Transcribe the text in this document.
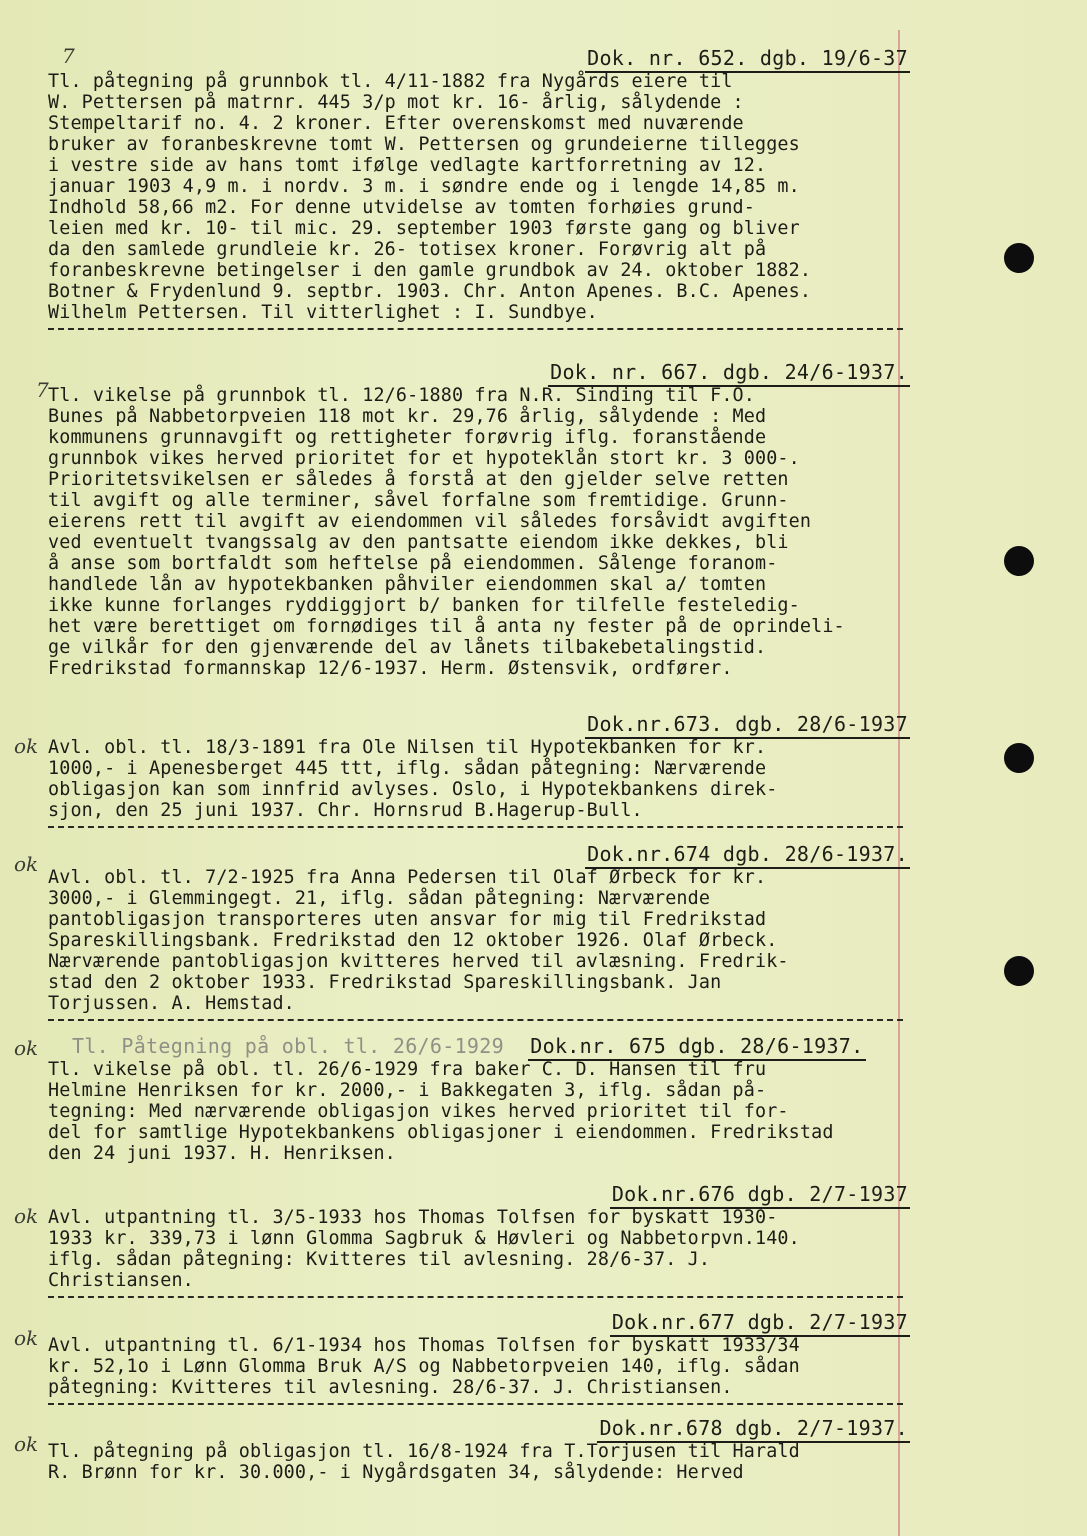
7
7
ok
ok
ok
ok
ok
ok
Dok. nr. 652. dgb. 19/6-37
Tl. påtegning på grunnbok tl. 4/11-1882 fra Nygårds eiere til
W. Pettersen på matrnr. 445 3/p mot kr. 16- årlig, sålydende :
Stempeltarif no. 4. 2 kroner. Efter overenskomst med nuværende
bruker av foranbeskrevne tomt W. Pettersen og grundeierne tillegges
i vestre side av hans tomt ifølge vedlagte kartforretning av 12.
januar 1903 4,9 m. i nordv. 3 m. i søndre ende og i lengde 14,85 m.
Indhold 58,66 m2. For denne utvidelse av tomten forhøies grund-
leien med kr. 10- til mic. 29. september 1903 første gang og bliver
da den samlede grundleie kr. 26- totisex kroner. Forøvrig alt på
foranbeskrevne betingelser i den gamle grundbok av 24. oktober 1882.
Botner & Frydenlund 9. septbr. 1903. Chr. Anton Apenes. B.C. Apenes.
Wilhelm Pettersen. Til vitterlighet : I. Sundbye.
Dok. nr. 667. dgb. 24/6-1937.
Tl. vikelse på grunnbok tl. 12/6-1880 fra N.R. Sinding til F.O.
Bunes på Nabbetorpveien 118 mot kr. 29,76 årlig, sålydende : Med
kommunens grunnavgift og rettigheter forøvrig iflg. foranstående
grunnbok vikes herved prioritet for et hypoteklån stort kr. 3 000-.
Prioritetsvikelsen er således å forstå at den gjelder selve retten
til avgift og alle terminer, såvel forfalne som fremtidige. Grunn-
eierens rett til avgift av eiendommen vil således forsåvidt avgiften
ved eventuelt tvangssalg av den pantsatte eiendom ikke dekkes, bli
å anse som bortfaldt som heftelse på eiendommen. Sålenge foranom-
handlede lån av hypotekbanken påhviler eiendommen skal a/ tomten
ikke kunne forlanges ryddiggjort b/ banken for tilfelle festeledig-
het være berettiget om fornødiges til å anta ny fester på de oprindeli-
ge vilkår for den gjenværende del av lånets tilbakebetalingstid.
Fredrikstad formannskap 12/6-1937. Herm. Østensvik, ordfører.
Dok.nr.673. dgb. 28/6-1937
Avl. obl. tl. 18/3-1891 fra Ole Nilsen til Hypotekbanken for kr.
1000,- i Apenesberget 445 ttt, iflg. sådan påtegning: Nærværende
obligasjon kan som innfrid avlyses. Oslo, i Hypotekbankens direk-
sjon, den 25 juni 1937. Chr. Hornsrud B.Hagerup-Bull.
Dok.nr.674 dgb. 28/6-1937.
Avl. obl. tl. 7/2-1925 fra Anna Pedersen til Olaf Ørbeck for kr.
3000,- i Glemmingegt. 21, iflg. sådan påtegning: Nærværende
pantobligasjon transporteres uten ansvar for mig til Fredrikstad
Spareskillingsbank. Fredrikstad den 12 oktober 1926. Olaf Ørbeck.
Nærværende pantobligasjon kvitteres herved til avlæsning. Fredrik-
stad den 2 oktober 1933. Fredrikstad Spareskillingsbank. Jan
Torjussen. A. Hemstad.
Tl. Påtegning på obl. tl. 26/6-1929 Dok.nr. 675 dgb. 28/6-1937.
Tl. vikelse på obl. tl. 26/6-1929 fra baker C. D. Hansen til fru
Helmine Henriksen for kr. 2000,- i Bakkegaten 3, iflg. sådan på-
tegning: Med nærværende obligasjon vikes herved prioritet til for-
del for samtlige Hypotekbankens obligasjoner i eiendommen. Fredrikstad
den 24 juni 1937. H. Henriksen.
Dok.nr.676 dgb. 2/7-1937
Avl. utpantning tl. 3/5-1933 hos Thomas Tolfsen for byskatt 1930-
1933 kr. 339,73 i lønn Glomma Sagbruk & Høvleri og Nabbetorpvn.140.
iflg. sådan påtegning: Kvitteres til avlesning. 28/6-37. J.
Christiansen.
Dok.nr.677 dgb. 2/7-1937
Avl. utpantning tl. 6/1-1934 hos Thomas Tolfsen for byskatt 1933/34
kr. 52,1o i Lønn Glomma Bruk A/S og Nabbetorpveien 140, iflg. sådan
påtegning: Kvitteres til avlesning. 28/6-37. J. Christiansen.
Dok.nr.678 dgb. 2/7-1937.
Tl. påtegning på obligasjon tl. 16/8-1924 fra T.Torjusen til Harald
R. Brønn for kr. 30.000,- i Nygårdsgaten 34, sålydende: Herved
